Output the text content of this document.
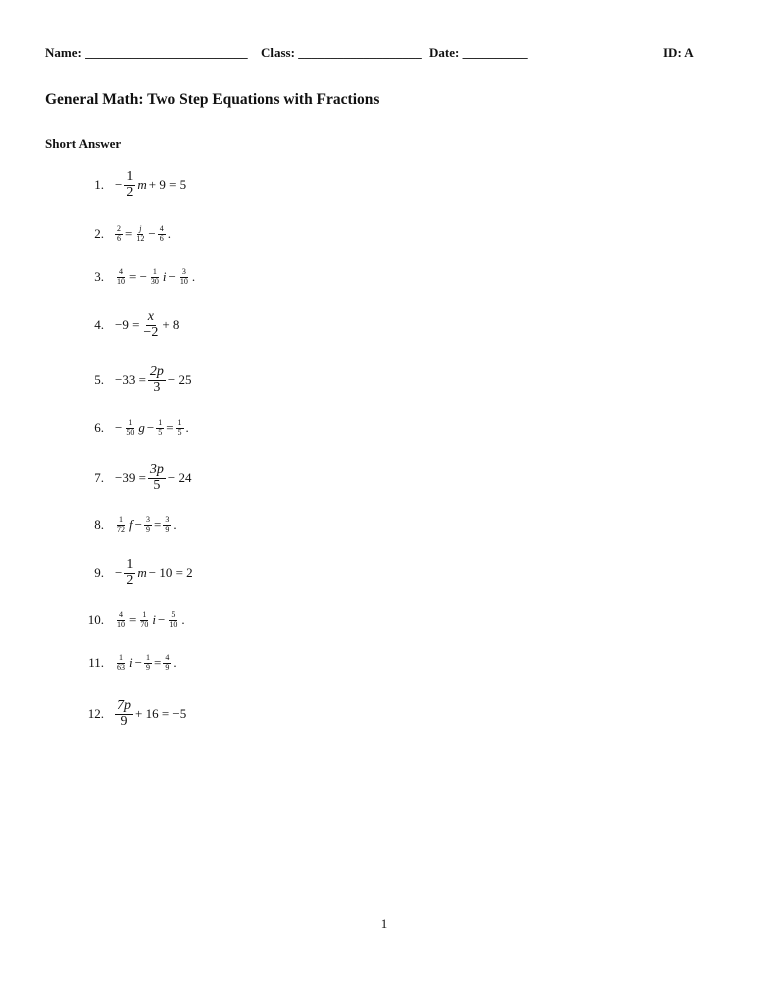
Name: _________________________ Class: ___________________ Date: __________	ID: A
General Math: Two Step Equations with Fractions
Short Answer
1. − $\frac{1}{2}$ m + 9 = 5
2. $\frac{2}{6} = \frac{j}{12} - \frac{4}{6}$ .
3. $\frac{4}{10}$ = − $\frac{1}{30}$ $i - \frac{3}{10}$ .
4. $-9 = \frac{x}{-2} + 8$
5. $-33 = \frac{2p}{3} - 25$
6. − $\frac{1}{50}$ $g - \frac{1}{5} = \frac{1}{5}$ .
7. $-39 = \frac{3p}{5} - 24$
8. $\frac{1}{72}$ $f - \frac{3}{9} = \frac{3}{9}$ .
9. − $\frac{1}{2}$ m − 10 = 2
10. $\frac{4}{10} = \frac{1}{70}$ $i - \frac{5}{10}$ .
11. $\frac{1}{63}$ $i - \frac{1}{9} = \frac{4}{9}$ .
12. $\frac{7p}{9} + 16 = -5$
1
